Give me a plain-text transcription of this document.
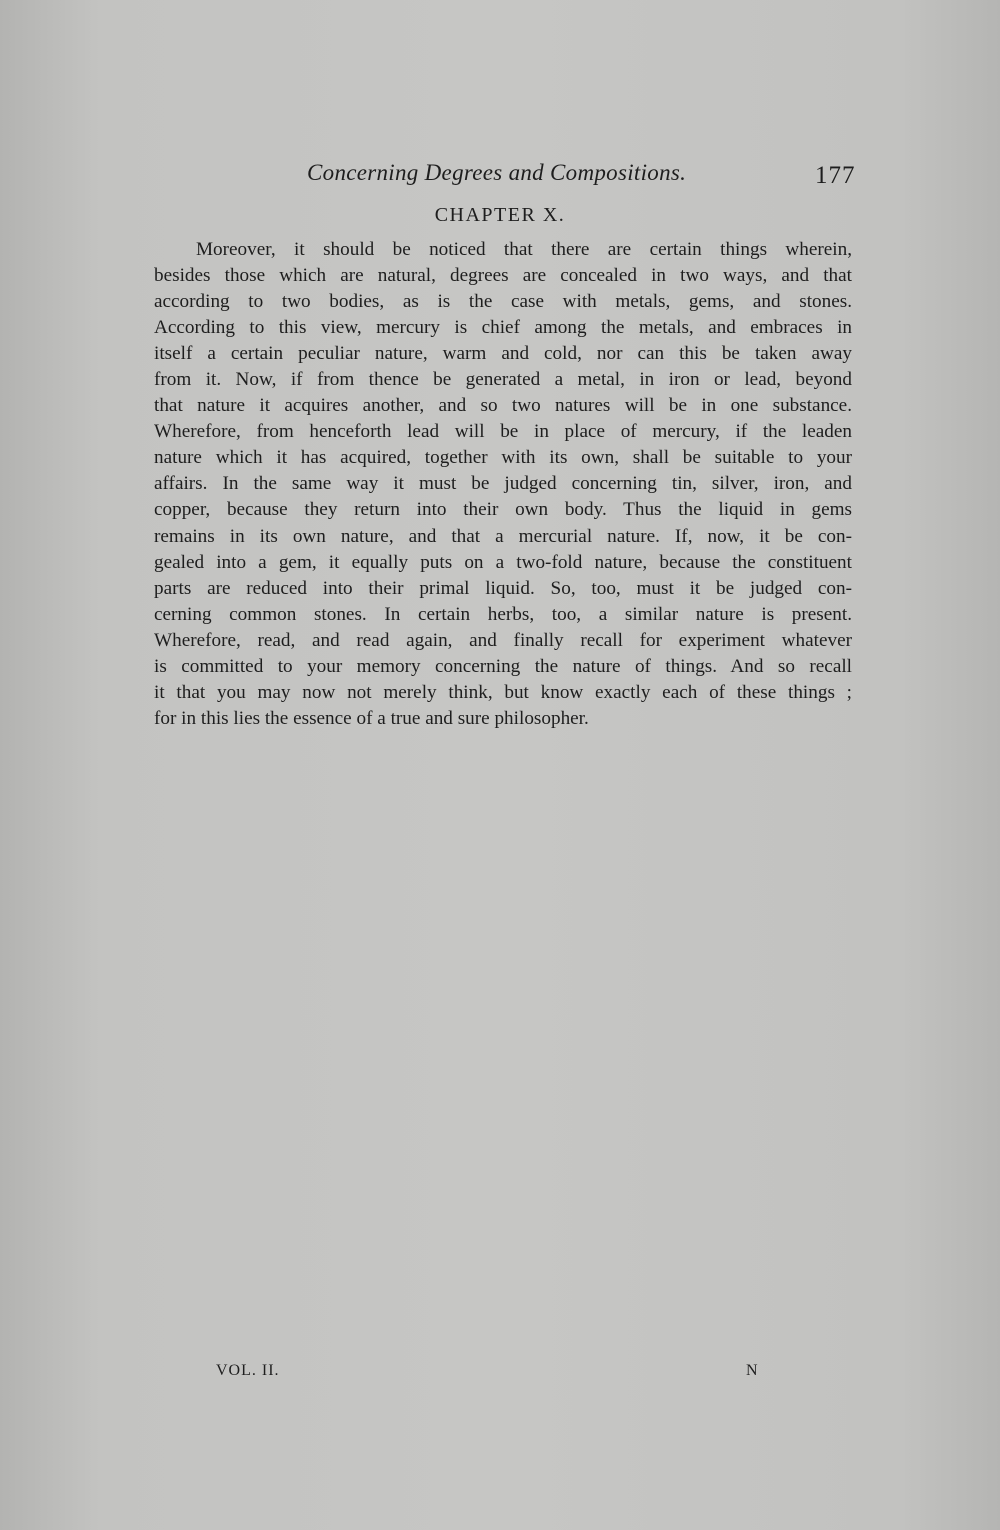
Concerning Degrees and Compositions.	177
CHAPTER X.
Moreover, it should be noticed that there are certain things wherein,
besides those which are natural, degrees are concealed in two ways, and that
according to two bodies, as is the case with metals, gems, and stones.
According to this view, mercury is chief among the metals, and embraces in
itself a certain peculiar nature, warm and cold, nor can this be taken away
from it. Now, if from thence be generated a metal, in iron or lead, beyond
that nature it acquires another, and so two natures will be in one substance.
Wherefore, from henceforth lead will be in place of mercury, if the leaden
nature which it has acquired, together with its own, shall be suitable to your
affairs. In the same way it must be judged concerning tin, silver, iron, and
copper, because they return into their own body. Thus the liquid in gems
remains in its own nature, and that a mercurial nature. If, now, it be con-
gealed into a gem, it equally puts on a two-fold nature, because the constituent
parts are reduced into their primal liquid. So, too, must it be judged con-
cerning common stones. In certain herbs, too, a similar nature is present.
Wherefore, read, and read again, and finally recall for experiment whatever
is committed to your memory concerning the nature of things. And so recall
it that you may now not merely think, but know exactly each of these things ;
for in this lies the essence of a true and sure philosopher.
VOL. II.	N
